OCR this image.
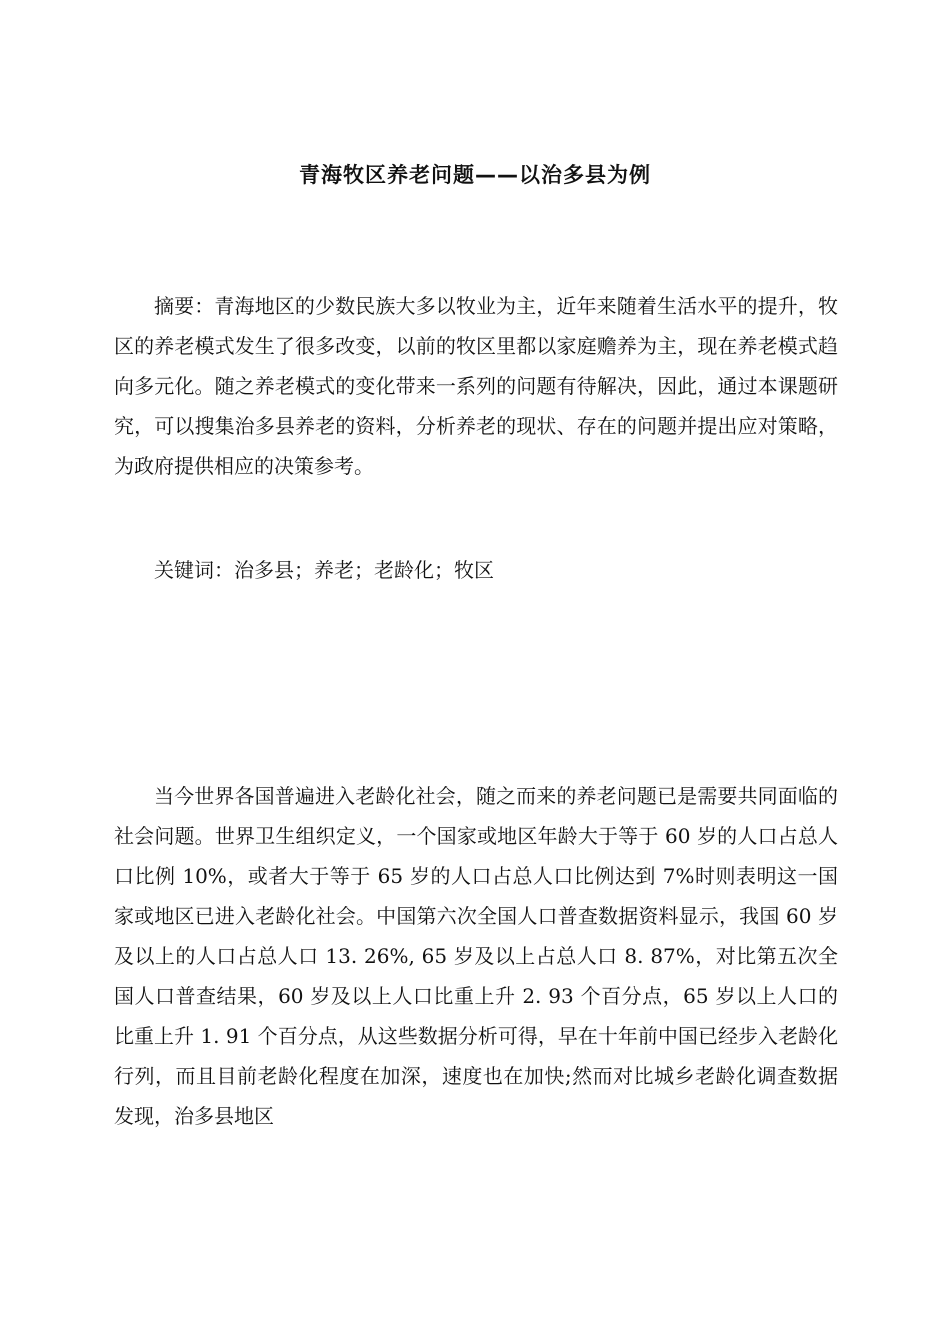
青海牧区养老问题——以治多县为例

摘要：青海地区的少数民族大多以牧业为主，近年来随着生活水平的提升，牧区的养老模式发生了很多改变，以前的牧区里都以家庭赡养为主，现在养老模式趋向多元化。随之养老模式的变化带来一系列的问题有待解决，因此，通过本课题研究，可以搜集治多县养老的资料，分析养老的现状、存在的问题并提出应对策略，为政府提供相应的决策参考。

关键词：治多县；养老；老龄化；牧区

当今世界各国普遍进入老龄化社会，随之而来的养老问题已是需要共同面临的社会问题。世界卫生组织定义，一个国家或地区年龄大于等于 60 岁的人口占总人口比例 10%，或者大于等于 65 岁的人口占总人口比例达到 7%时则表明这一国家或地区已进入老龄化社会。中国第六次全国人口普查数据资料显示，我国 60 岁及以上的人口占总人口 13. 26%, 65 岁及以上占总人口 8. 87%，对比第五次全国人口普查结果，60 岁及以上人口比重上升 2. 93 个百分点，65 岁以上人口的比重上升 1. 91 个百分点，从这些数据分析可得，早在十年前中国已经步入老龄化行列，而且目前老龄化程度在加深，速度也在加快;然而对比城乡老龄化调查数据发现，治多县地区
